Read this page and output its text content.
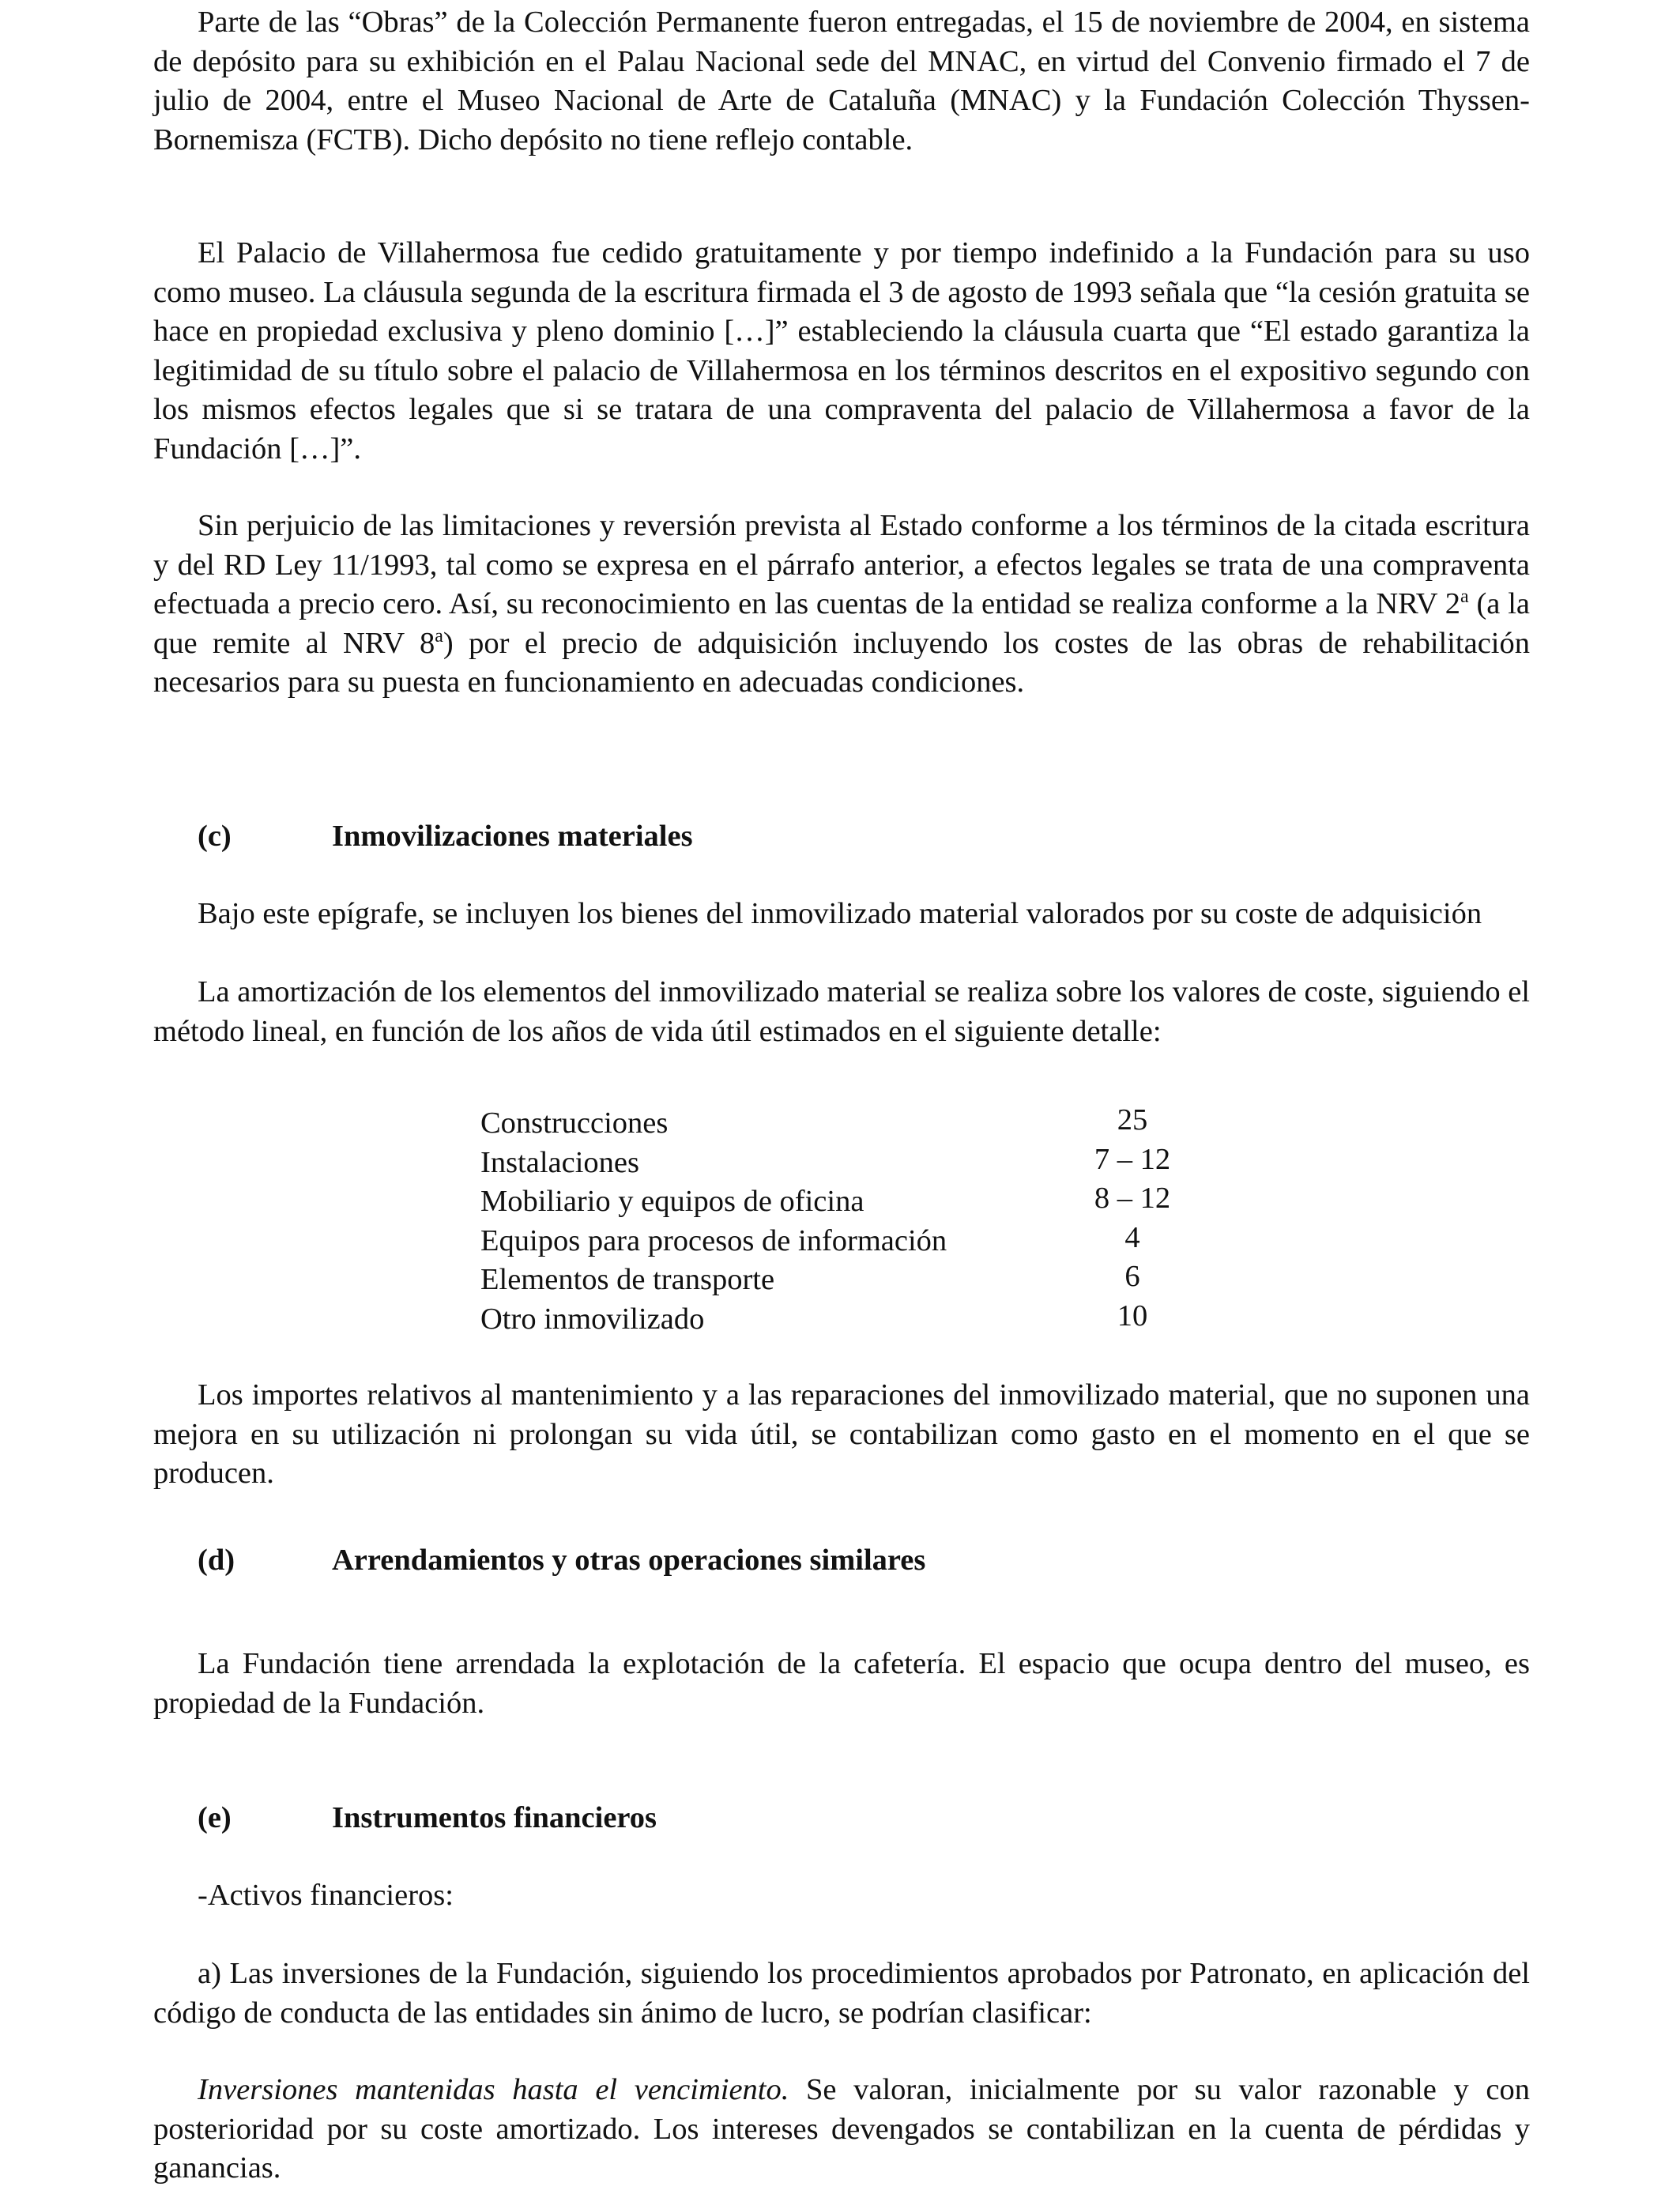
Parte de las “Obras” de la Colección Permanente fueron entregadas, el 15 de noviembre de 2004, en sistema de depósito para su exhibición en el Palau Nacional sede del MNAC, en virtud del Convenio firmado el 7 de julio de 2004, entre el Museo Nacional de Arte de Cataluña (MNAC) y la Fundación Colección Thyssen-Bornemisza (FCTB). Dicho depósito no tiene reflejo contable.

El Palacio de Villahermosa fue cedido gratuitamente y por tiempo indefinido a la Fundación para su uso como museo. La cláusula segunda de la escritura firmada el 3 de agosto de 1993 señala que “la cesión gratuita se hace en propiedad exclusiva y pleno dominio […]” estableciendo la cláusula cuarta que “El estado garantiza la legitimidad de su título sobre el palacio de Villahermosa en los términos descritos en el expositivo segundo con los mismos efectos legales que si se tratara de una compraventa del palacio de Villahermosa a favor de la Fundación […]”.

Sin perjuicio de las limitaciones y reversión prevista al Estado conforme a los términos de la citada escritura y del RD Ley 11/1993, tal como se expresa en el párrafo anterior, a efectos legales se trata de una compraventa efectuada a precio cero. Así, su reconocimiento en las cuentas de la entidad se realiza conforme a la NRV 2$^a$ (a la que remite al NRV 8$^a$) por el precio de adquisición incluyendo los costes de las obras de rehabilitación necesarios para su puesta en funcionamiento en adecuadas condiciones.

(c)	Inmovilizaciones materiales

Bajo este epígrafe, se incluyen los bienes del inmovilizado material valorados por su coste de adquisición

La amortización de los elementos del inmovilizado material se realiza sobre los valores de coste, siguiendo el método lineal, en función de los años de vida útil estimados en el siguiente detalle:

Construcciones	25
Instalaciones	7 – 12
Mobiliario y equipos de oficina	8 – 12
Equipos para procesos de información	4
Elementos de transporte	6
Otro inmovilizado	10

Los importes relativos al mantenimiento y a las reparaciones del inmovilizado material, que no suponen una mejora en su utilización ni prolongan su vida útil, se contabilizan como gasto en el momento en el que se producen.

(d)	Arrendamientos y otras operaciones similares

La Fundación tiene arrendada la explotación de la cafetería. El espacio que ocupa dentro del museo, es propiedad de la Fundación.

(e)	Instrumentos financieros

-Activos financieros:

a) Las inversiones de la Fundación, siguiendo los procedimientos aprobados por Patronato, en aplicación del código de conducta de las entidades sin ánimo de lucro, se podrían clasificar:

Inversiones mantenidas hasta el vencimiento. Se valoran, inicialmente por su valor razonable y con posterioridad por su coste amortizado. Los intereses devengados se contabilizan en la cuenta de pérdidas y ganancias.
